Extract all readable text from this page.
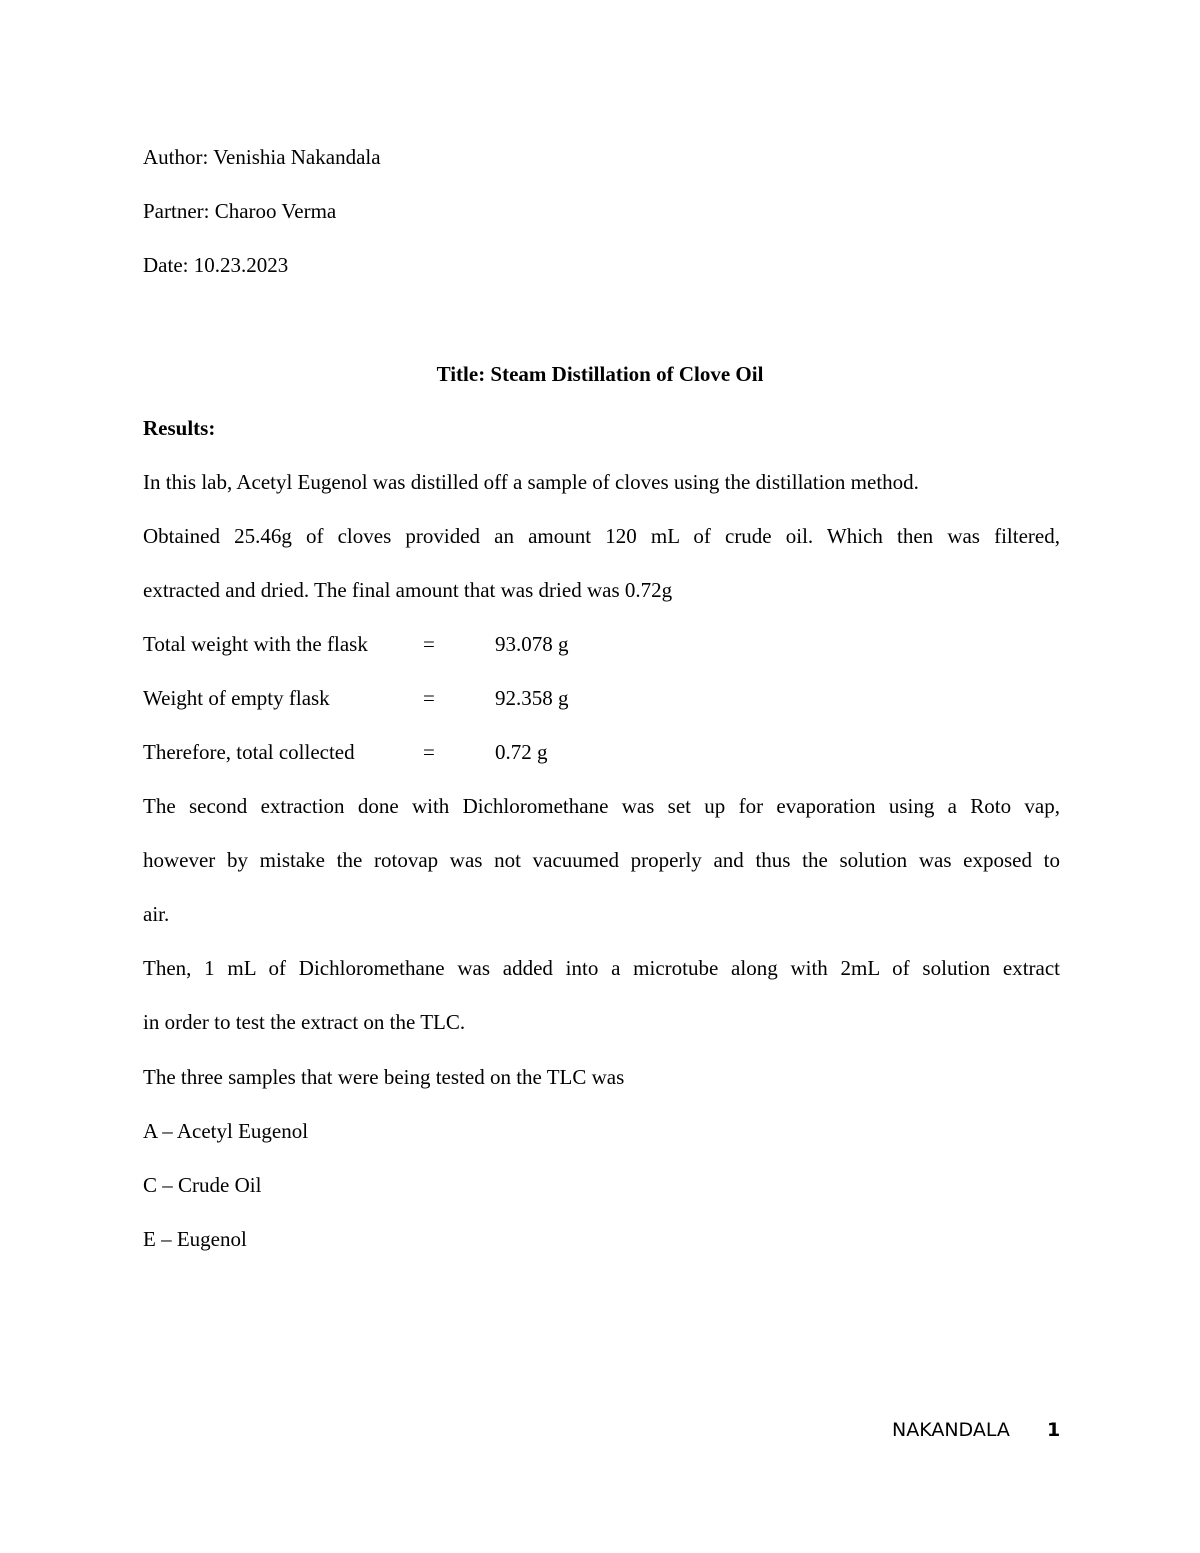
Author: Venishia Nakandala
Partner: Charoo Verma
Date: 10.23.2023
Title: Steam Distillation of Clove Oil
Results:
In this lab, Acetyl Eugenol was distilled off a sample of cloves using the distillation method.
Obtained 25.46g of cloves provided an amount 120 mL of crude oil. Which then was filtered,
extracted and dried. The final amount that was dried was 0.72g
Total weight with the flask	=	93.078 g
Weight of empty flask	=	92.358 g
Therefore, total collected	=	0.72 g
The second extraction done with Dichloromethane was set up for evaporation using a Roto vap,
however by mistake the rotovap was not vacuumed properly and thus the solution was exposed to
air.
Then, 1 mL of Dichloromethane was added into a microtube along with 2mL of solution extract
in order to test the extract on the TLC.
The three samples that were being tested on the TLC was
A – Acetyl Eugenol
C – Crude Oil
E – Eugenol
NAKANDALA 1
